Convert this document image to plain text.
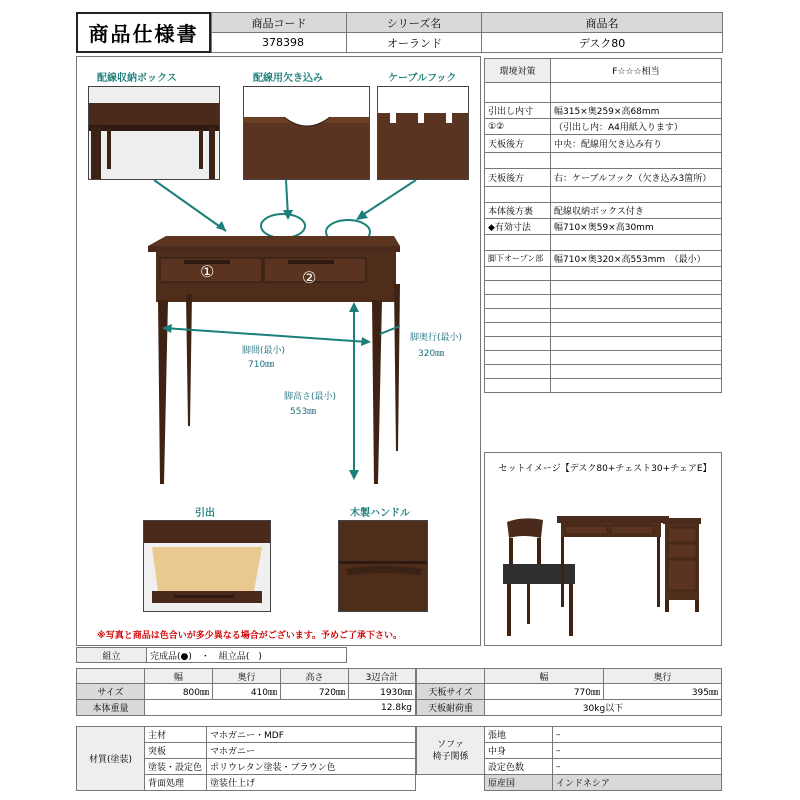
商品仕様書	商品コード	シリーズ名	商品名
378398	オーランド	デスク80
配線収納ボックス	配線用欠き込み	ケーブルフック
①	②
脚間(最小)
710㎜
脚奥行(最小)
320㎜
脚高さ(最小)
553㎜
引出	木製ハンドル
※写真と商品は色合いが多少異なる場合がございます。予めご了承下さい。
環境対策	F☆☆☆相当

引出し内寸	幅315×奥259×高68mm
①②	（引出し内：A4用紙入ります）
天板後方	中央：配線用欠き込み有り

天板後方	右：ケーブルフック（欠き込み3箇所）

本体後方裏	配線収納ボックス付き
◆有効寸法	幅710×奥59×高30mm

脚下オープン部	幅710×奥320×高553mm　（最小）

セットイメージ【デスク80+チェスト30+チェアE】
組立	完成品(●)　・　組立品(　)	
	幅	奥行	高さ	3辺合計
サイズ	800㎜	410㎜	720㎜	1930㎜
本体重量	12.8kg			
	幅	奥行
天板サイズ	770㎜	395㎜
天板耐荷重	30kg以下	
材質(塗装)	主材	マホガニー・MDF
	突板	マホガニー
	塗装・設定色	ポリウレタン塗装・ブラウン色
	背面処理	塗装仕上げ
ソファ
椅子関係	張地	–
	中身	–
	設定色数	–
	原産国	インドネシア
